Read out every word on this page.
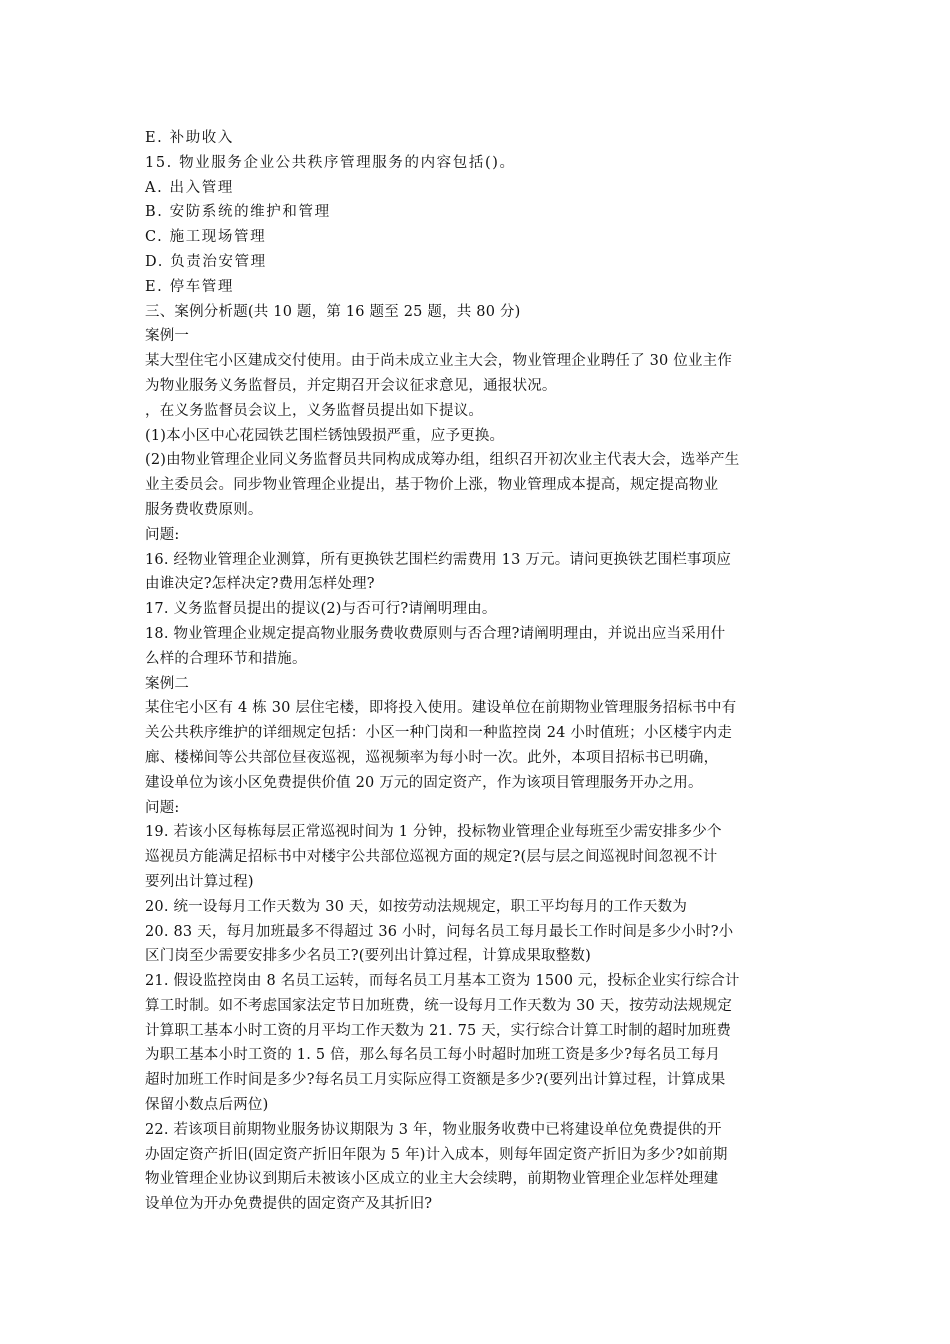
E. 补助收入
15. 物业服务企业公共秩序管理服务的内容包括()。
A. 出入管理
B. 安防系统的维护和管理
C. 施工现场管理
D. 负责治安管理
E. 停车管理
三、案例分析题(共 10 题，第 16 题至 25 题，共 80 分)
案例一
某大型住宅小区建成交付使用。由于尚未成立业主大会，物业管理企业聘任了 30 位业主作
为物业服务义务监督员，并定期召开会议征求意见，通报状况。
，在义务监督员会议上，义务监督员提出如下提议。
(1)本小区中心花园铁艺围栏锈蚀毁损严重，应予更换。
(2)由物业管理企业同义务监督员共同构成成筹办组，组织召开初次业主代表大会，选举产生
业主委员会。同步物业管理企业提出，基于物价上涨，物业管理成本提高，规定提高物业
服务费收费原则。
问题:
16. 经物业管理企业测算，所有更换铁艺围栏约需费用 13 万元。请问更换铁艺围栏事项应
由谁决定?怎样决定?费用怎样处理?
17. 义务监督员提出的提议(2)与否可行?请阐明理由。
18. 物业管理企业规定提高物业服务费收费原则与否合理?请阐明理由，并说出应当采用什
么样的合理环节和措施。
案例二
某住宅小区有 4 栋 30 层住宅楼，即将投入使用。建设单位在前期物业管理服务招标书中有
关公共秩序维护的详细规定包括：小区一种门岗和一种监控岗 24 小时值班；小区楼宇内走
廊、楼梯间等公共部位昼夜巡视，巡视频率为每小时一次。此外，本项目招标书已明确，
建设单位为该小区免费提供价值 20 万元的固定资产，作为该项目管理服务开办之用。
问题:
19. 若该小区每栋每层正常巡视时间为 1 分钟，投标物业管理企业每班至少需安排多少个
巡视员方能满足招标书中对楼宇公共部位巡视方面的规定?(层与层之间巡视时间忽视不计
要列出计算过程)
20. 统一设每月工作天数为 30 天，如按劳动法规规定，职工平均每月的工作天数为
20. 83 天，每月加班最多不得超过 36 小时，问每名员工每月最长工作时间是多少小时?小
区门岗至少需要安排多少名员工?(要列出计算过程，计算成果取整数)
21. 假设监控岗由 8 名员工运转，而每名员工月基本工资为 1500 元，投标企业实行综合计
算工时制。如不考虑国家法定节日加班费，统一设每月工作天数为 30 天，按劳动法规规定
计算职工基本小时工资的月平均工作天数为 21. 75 天，实行综合计算工时制的超时加班费
为职工基本小时工资的 1. 5 倍，那么每名员工每小时超时加班工资是多少?每名员工每月
超时加班工作时间是多少?每名员工月实际应得工资额是多少?(要列出计算过程，计算成果
保留小数点后两位)
22. 若该项目前期物业服务协议期限为 3 年，物业服务收费中已将建设单位免费提供的开
办固定资产折旧(固定资产折旧年限为 5 年)计入成本，则每年固定资产折旧为多少?如前期
物业管理企业协议到期后未被该小区成立的业主大会续聘，前期物业管理企业怎样处理建
设单位为开办免费提供的固定资产及其折旧?
